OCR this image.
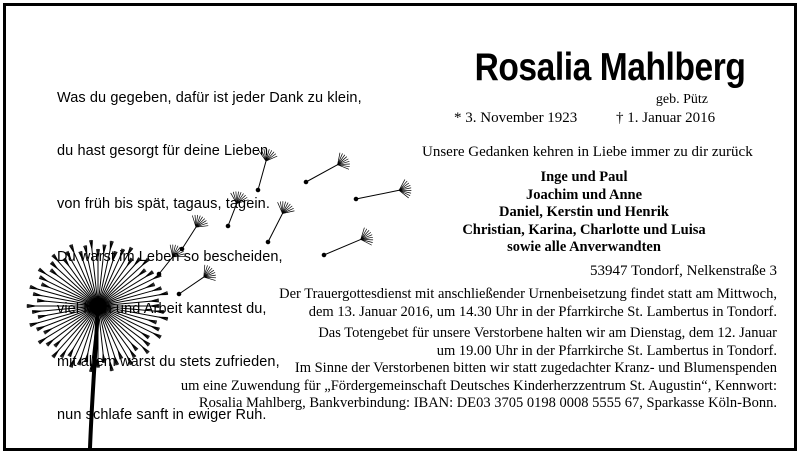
Was du gegeben, dafür ist jeder Dank zu klein,

du hast gesorgt für deine Lieben

von früh bis spät, tagaus, tagein.

Du warst im Leben so bescheiden,

viel Müh und Arbeit kanntest du,

mit allem warst du stets zufrieden,

nun schlafe sanft in ewiger Ruh.

Rosalia Mahlberg
geb. Pütz
* 3. November 1923	† 1. Januar 2016
Unsere Gedanken kehren in Liebe immer zu dir zurück
Inge und Paul
Joachim und Anne
Daniel, Kerstin und Henrik
Christian, Karina, Charlotte und Luisa
sowie alle Anverwandten
53947 Tondorf, Nelkenstraße 3
Der Trauergottesdienst mit anschließender Urnenbeisetzung findet statt am Mittwoch,
dem 13. Januar 2016, um 14.30 Uhr in der Pfarrkirche St. Lambertus in Tondorf.
Das Totengebet für unsere Verstorbene halten wir am Dienstag, dem 12. Januar
um 19.00 Uhr in der Pfarrkirche St. Lambertus in Tondorf.
Im Sinne der Verstorbenen bitten wir statt zugedachter Kranz- und Blumenspenden
um eine Zuwendung für „Fördergemeinschaft Deutsches Kinderherzzentrum St. Augustin“, Kennwort:
Rosalia Mahlberg, Bankverbindung: IBAN: DE03 3705 0198 0008 5555 67, Sparkasse Köln-Bonn.
